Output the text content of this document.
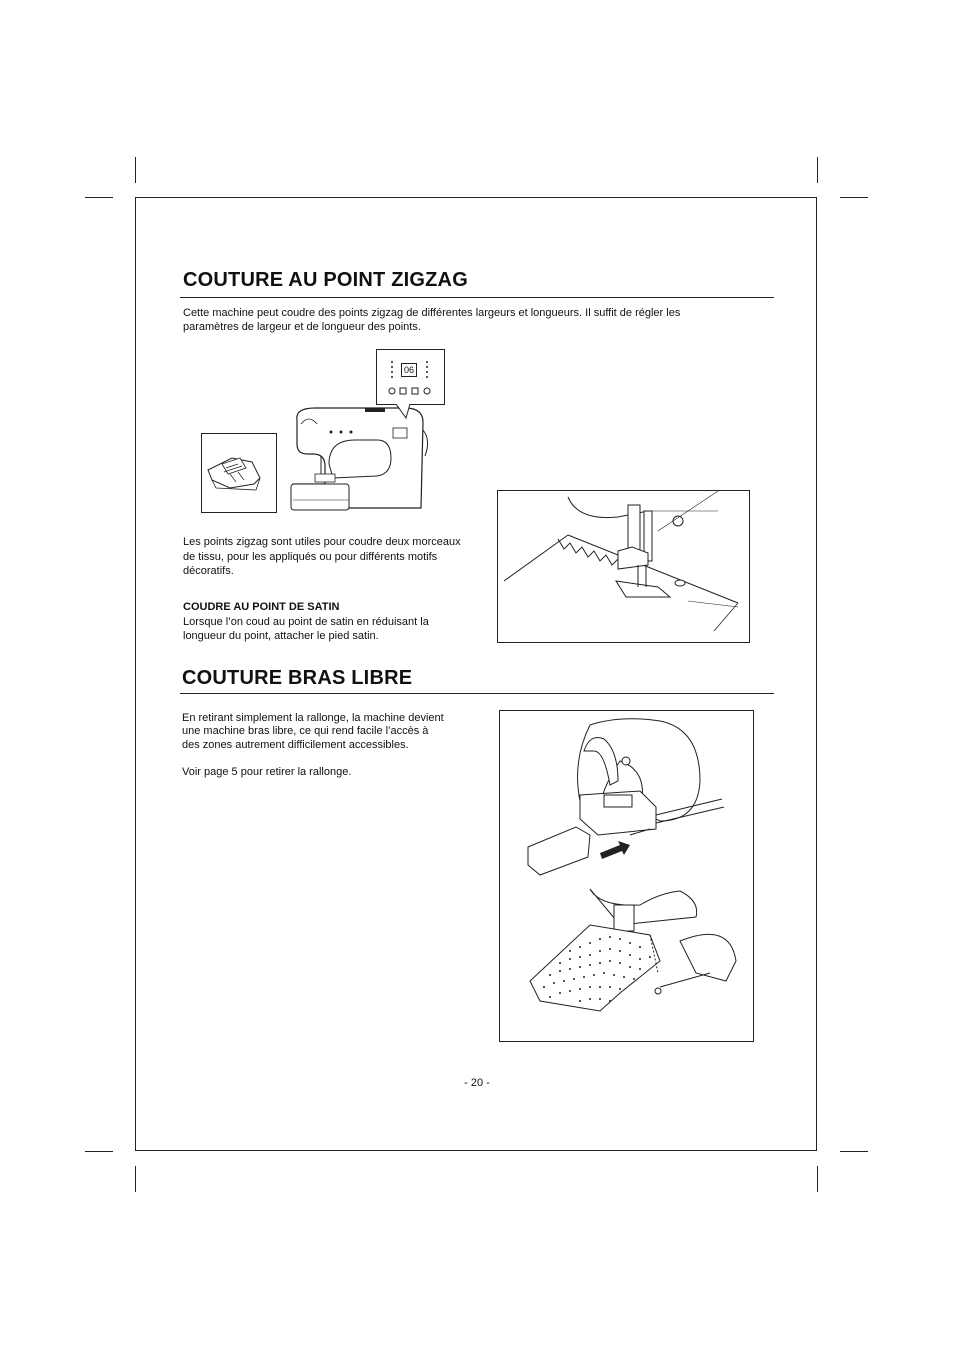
COUTURE AU POINT ZIGZAG

Cette machine peut coudre des points zigzag de différentes largeurs et longueurs. Il suffit de régler les

paramètres de largeur et de longueur des points.

06

Les points zigzag sont utiles pour coudre deux morceaux

de tissu, pour les appliqués ou pour différents motifs

décoratifs.

COUDRE AU POINT DE SATIN

Lorsque l’on coud au point de satin en réduisant la

longueur du point, attacher le pied satin.

COUTURE BRAS LIBRE

En retirant simplement la rallonge, la machine devient

une machine bras libre, ce qui rend facile l’accès à

des zones autrement difficilement accessibles.

Voir page 5 pour retirer la rallonge.

- 20 -
